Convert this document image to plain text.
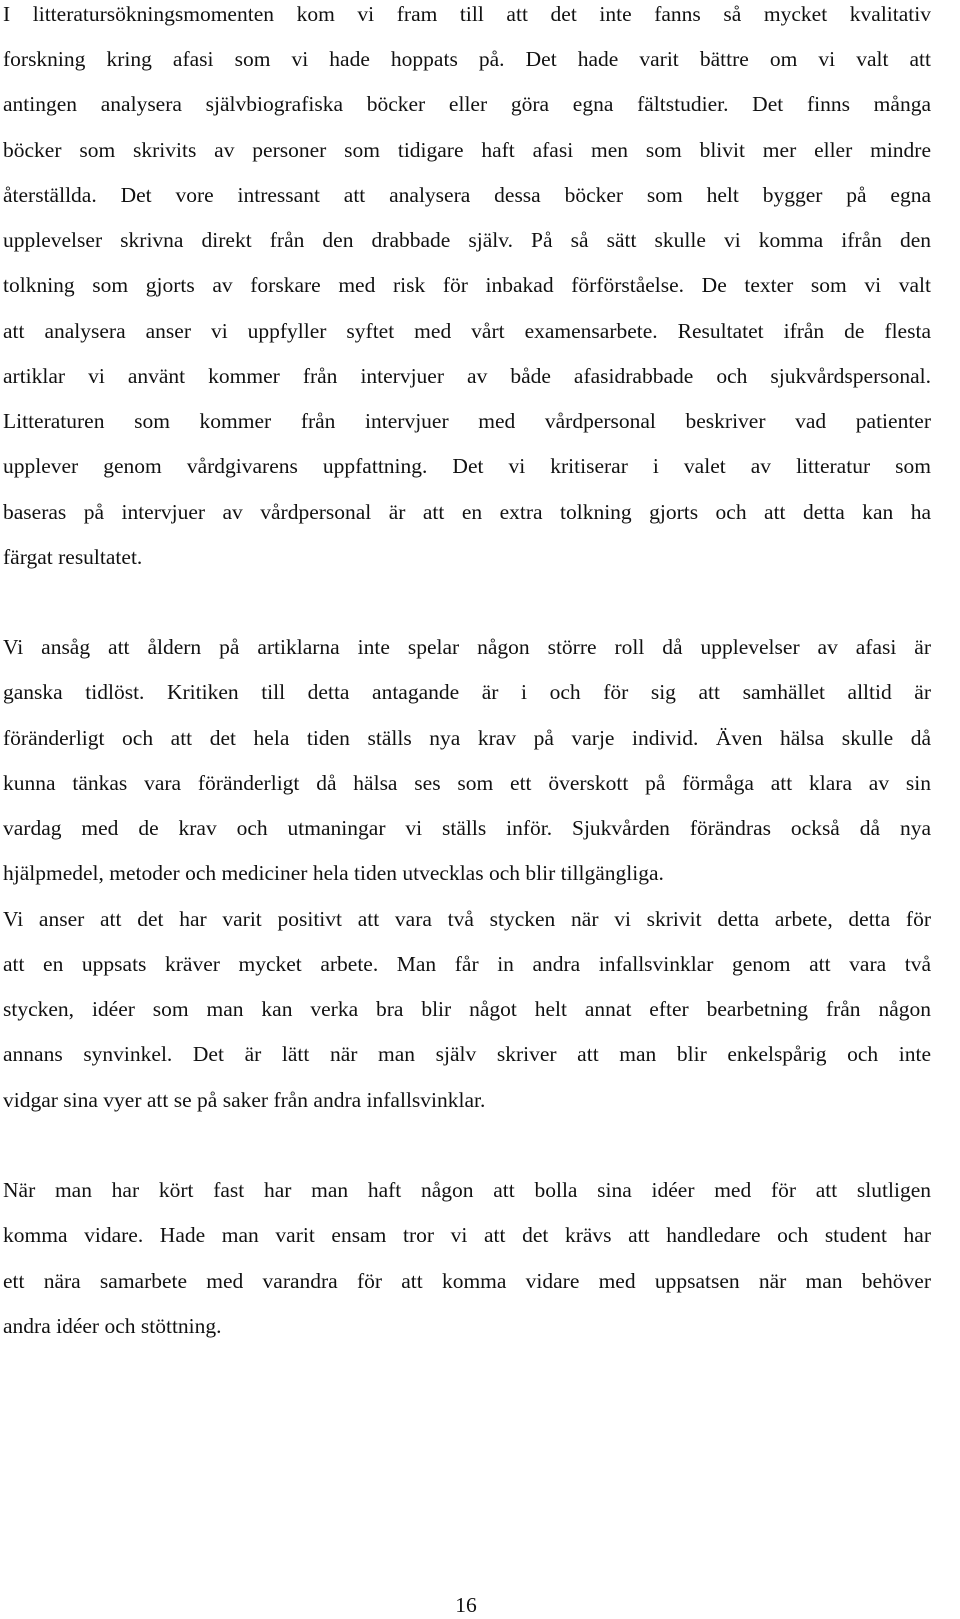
I litteratursökningsmomenten kom vi fram till att det inte fanns så mycket kvalitativ
forskning kring afasi som vi hade hoppats på. Det hade varit bättre om vi valt att
antingen analysera självbiografiska böcker eller göra egna fältstudier. Det finns många
böcker som skrivits av personer som tidigare haft afasi men som blivit mer eller mindre
återställda. Det vore intressant att analysera dessa böcker som helt bygger på egna
upplevelser skrivna direkt från den drabbade själv. På så sätt skulle vi komma ifrån den
tolkning som gjorts av forskare med risk för inbakad förförståelse. De texter som vi valt
att analysera anser vi uppfyller syftet med vårt examensarbete. Resultatet ifrån de flesta
artiklar vi använt kommer från intervjuer av både afasidrabbade och sjukvårdspersonal.
Litteraturen som kommer från intervjuer med vårdpersonal beskriver vad patienter
upplever genom vårdgivarens uppfattning. Det vi kritiserar i valet av litteratur som
baseras på intervjuer av vårdpersonal är att en extra tolkning gjorts och att detta kan ha
färgat resultatet.
Vi ansåg att åldern på artiklarna inte spelar någon större roll då upplevelser av afasi är
ganska tidlöst. Kritiken till detta antagande är i och för sig att samhället alltid är
föränderligt och att det hela tiden ställs nya krav på varje individ. Även hälsa skulle då
kunna tänkas vara föränderligt då hälsa ses som ett överskott på förmåga att klara av sin
vardag med de krav och utmaningar vi ställs inför. Sjukvården förändras också då nya
hjälpmedel, metoder och mediciner hela tiden utvecklas och blir tillgängliga.
Vi anser att det har varit positivt att vara två stycken när vi skrivit detta arbete, detta för
att en uppsats kräver mycket arbete. Man får in andra infallsvinklar genom att vara två
stycken, idéer som man kan verka bra blir något helt annat efter bearbetning från någon
annans synvinkel. Det är lätt när man själv skriver att man blir enkelspårig och inte
vidgar sina vyer att se på saker från andra infallsvinklar.
När man har kört fast har man haft någon att bolla sina idéer med för att slutligen
komma vidare. Hade man varit ensam tror vi att det krävs att handledare och student har
ett nära samarbete med varandra för att komma vidare med uppsatsen när man behöver
andra idéer och stöttning.
16
